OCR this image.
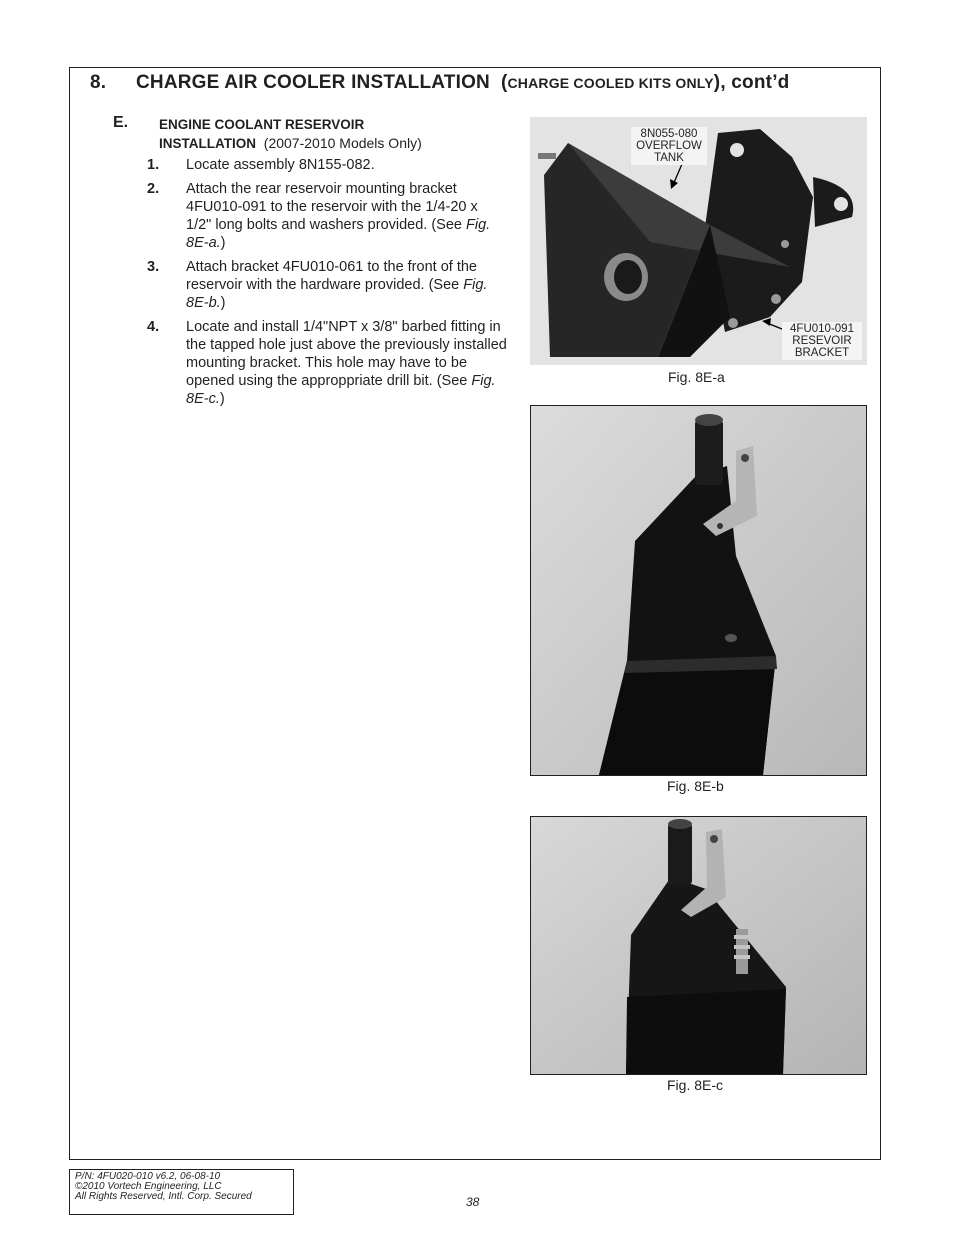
8. CHARGE AIR COOLER INSTALLATION (CHARGE COOLED KITS ONLY), cont’d
E. ENGINE COOLANT RESERVOIR
INSTALLATION (2007-2010 Models Only)
1.	Locate assembly 8N155-082.
2.	Attach the rear reservoir mounting bracket 4FU010-091 to the reservoir with the 1/4-20 x 1/2" long bolts and washers provided. (See Fig. 8E-a.)
3.	Attach bracket 4FU010-061 to the front of the reservoir with the hardware provided. (See Fig. 8E-b.)
4.	Locate and install 1/4"NPT x 3/8" barbed fitting in the tapped hole just above the previously installed mounting bracket. This hole may have to be opened using the approppriate drill bit. (See Fig. 8E-c.)
8N055-080
OVERFLOW
TANK
4FU010-091
RESEVOIR
BRACKET
Fig. 8E-a
Fig. 8E-b
Fig. 8E-c
P/N: 4FU020-010 v6.2, 06-08-10
©2010 Vortech Engineering, LLC
All Rights Reserved, Intl. Corp. Secured	38
